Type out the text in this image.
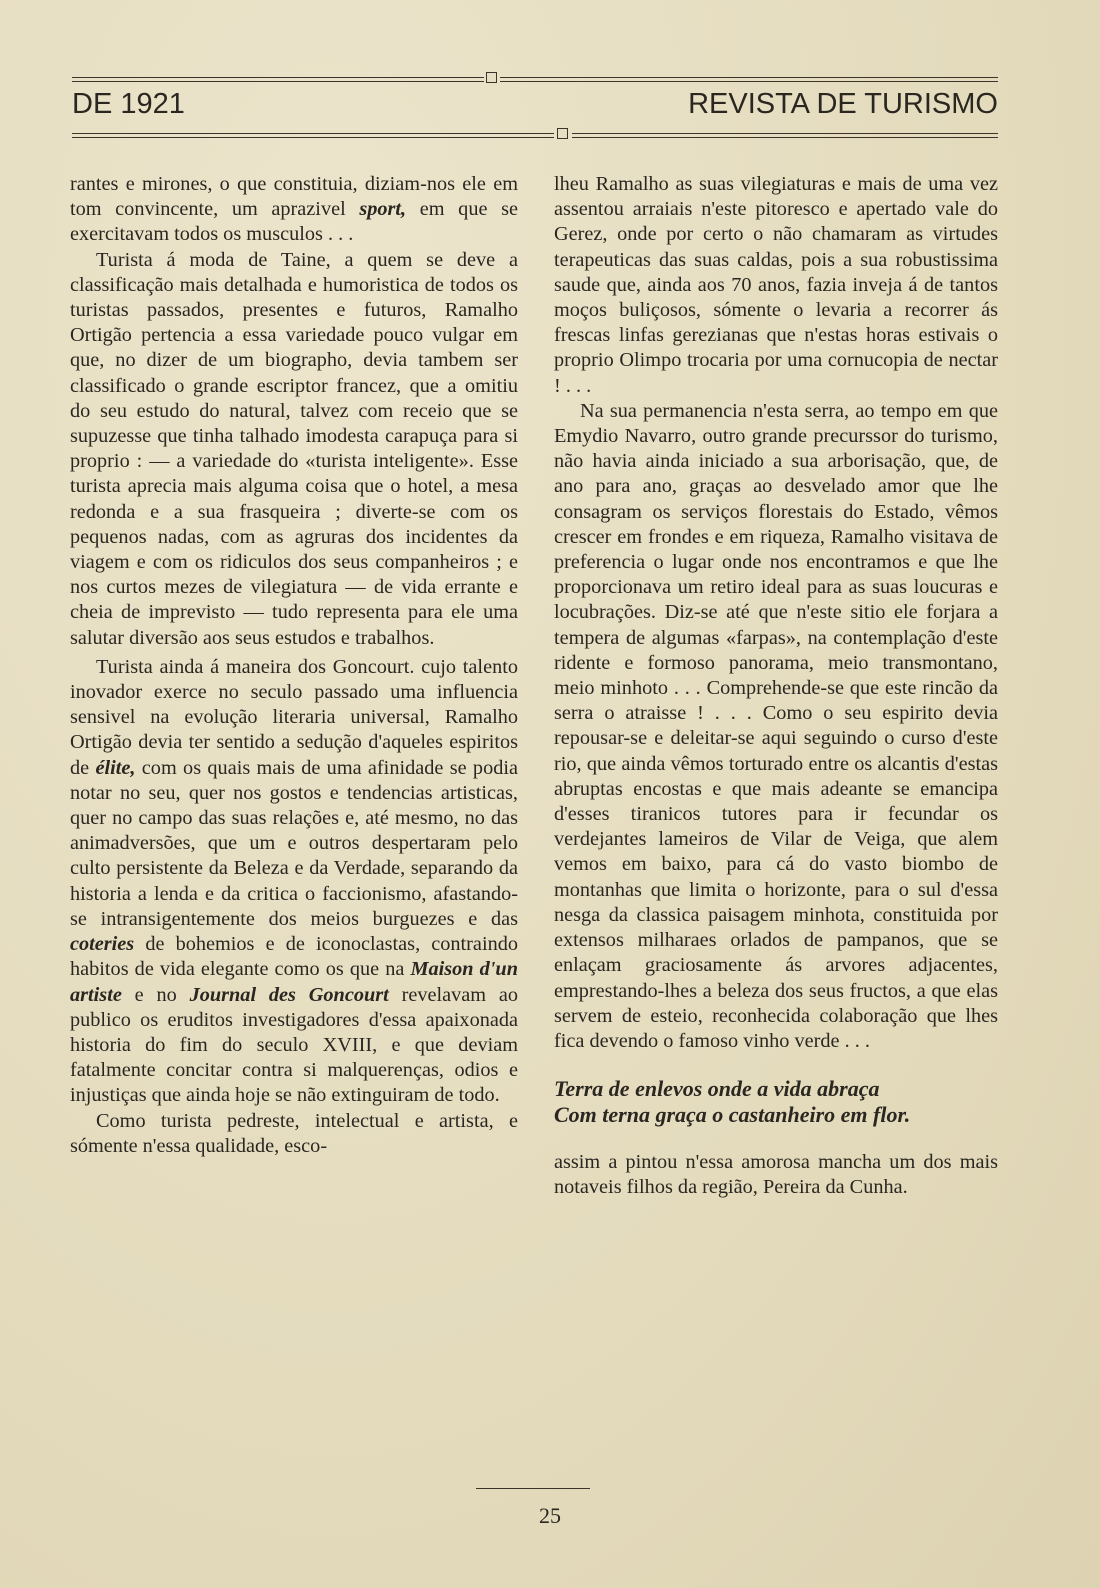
DE 1921	REVISTA DE TURISMO

rantes e mirones, o que constituia, diziam-nos ele em tom convincente, um aprazivel sport, em que se exercitavam todos os musculos . . .

Turista á moda de Taine, a quem se deve a classificação mais detalhada e humoristica de todos os turistas passados, presentes e futuros, Ramalho Ortigão pertencia a essa variedade pouco vulgar em que, no dizer de um biographo, devia tambem ser classificado o grande escriptor francez, que a omitiu do seu estudo do natural, talvez com receio que se supuzesse que tinha talhado imodesta carapuça para si proprio : — a variedade do «turista inteligente». Esse turista aprecia mais alguma coisa que o hotel, a mesa redonda e a sua frasqueira ; diverte-se com os pequenos nadas, com as agruras dos incidentes da viagem e com os ridiculos dos seus companheiros ; e nos curtos mezes de vilegiatura — de vida errante e cheia de imprevisto — tudo representa para ele uma salutar diversão aos seus estudos e trabalhos.

Turista ainda á maneira dos Goncourt. cujo talento inovador exerce no seculo passado uma influencia sensivel na evolução literaria universal, Ramalho Ortigão devia ter sentido a sedução d'aqueles espiritos de élite, com os quais mais de uma afinidade se podia notar no seu, quer nos gostos e tendencias artisticas, quer no campo das suas relações e, até mesmo, no das animadversões, que um e outros despertaram pelo culto persistente da Beleza e da Verdade, separando da historia a lenda e da critica o faccionismo, afastando-se intransigentemente dos meios burguezes e das coteries de bohemios e de iconoclastas, contraindo habitos de vida elegante como os que na Maison d'un artiste e no Journal des Goncourt revelavam ao publico os eruditos investigadores d'essa apaixonada historia do fim do seculo XVIII, e que deviam fatalmente concitar contra si malquerenças, odios e injustiças que ainda hoje se não extinguiram de todo.

Como turista pedreste, intelectual e artista, e sómente n'essa qualidade, esco-

lheu Ramalho as suas vilegiaturas e mais de uma vez assentou arraiais n'este pitoresco e apertado vale do Gerez, onde por certo o não chamaram as virtudes terapeuticas das suas caldas, pois a sua robustissima saude que, ainda aos 70 anos, fazia inveja á de tantos moços buliçosos, sómente o levaria a recorrer ás frescas linfas gerezianas que n'estas horas estivais o proprio Olimpo trocaria por uma cornucopia de nectar ! . . .

Na sua permanencia n'esta serra, ao tempo em que Emydio Navarro, outro grande precurssor do turismo, não havia ainda iniciado a sua arborisação, que, de ano para ano, graças ao desvelado amor que lhe consagram os serviços florestais do Estado, vêmos crescer em frondes e em riqueza, Ramalho visitava de preferencia o lugar onde nos encontramos e que lhe proporcionava um retiro ideal para as suas loucuras e locubrações. Diz-se até que n'este sitio ele forjara a tempera de algumas «farpas», na contemplação d'este ridente e formoso panorama, meio transmontano, meio minhoto . . . Comprehende-se que este rincão da serra o atraisse ! . . . Como o seu espirito devia repousar-se e deleitar-se aqui seguindo o curso d'este rio, que ainda vêmos torturado entre os alcantis d'estas abruptas encostas e que mais adeante se emancipa d'esses tiranicos tutores para ir fecundar os verdejantes lameiros de Vilar de Veiga, que alem vemos em baixo, para cá do vasto biombo de montanhas que limita o horizonte, para o sul d'essa nesga da classica paisagem minhota, constituida por extensos milharaes orlados de pampanos, que se enlaçam graciosamente ás arvores adjacentes, emprestando-lhes a beleza dos seus fructos, a que elas servem de esteio, reconhecida colaboração que lhes fica devendo o famoso vinho verde . . .

Terra de enlevos onde a vida abraça
Com terna graça o castanheiro em flor.

assim a pintou n'essa amorosa mancha um dos mais notaveis filhos da região, Pereira da Cunha.

25
